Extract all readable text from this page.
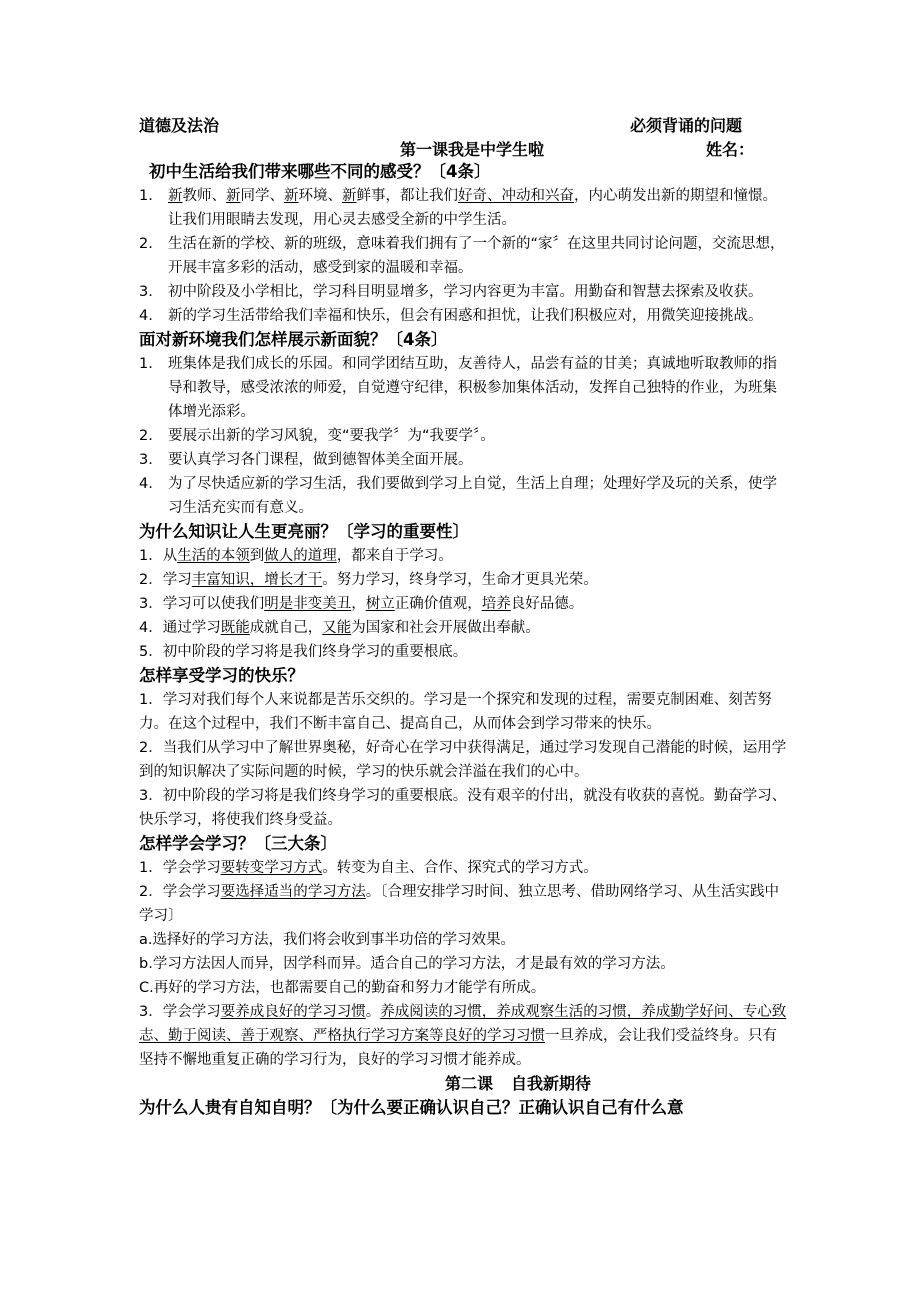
道德及法治	必须背诵的问题
第一课我是中学生啦	姓名：

初中生活给我们带来哪些不同的感受？〔4条〕

1. 新教师、新同学、新环境、新鲜事，都让我们好奇、冲动和兴奋，内心萌发出新的期望和憧憬。让我们用眼睛去发现，用心灵去感受全新的中学生活。
2. 生活在新的学校、新的班级，意味着我们拥有了一个新的“家〞在这里共同讨论问题，交流思想，开展丰富多彩的活动，感受到家的温暖和幸福。
3. 初中阶段及小学相比，学习科目明显增多，学习内容更为丰富。用勤奋和智慧去探索及收获。
4. 新的学习生活带给我们幸福和快乐，但会有困惑和担忧，让我们积极应对，用微笑迎接挑战。

面对新环境我们怎样展示新面貌？〔4条〕

1. 班集体是我们成长的乐园。和同学团结互助，友善待人，品尝有益的甘美；真诚地听取教师的指导和教导，感受浓浓的师爱，自觉遵守纪律，积极参加集体活动，发挥自己独特的作业，为班集体增光添彩。
2. 要展示出新的学习风貌，变“要我学〞为“我要学〞。
3. 要认真学习各门课程，做到德智体美全面开展。
4. 为了尽快适应新的学习生活，我们要做到学习上自觉，生活上自理；处理好学及玩的关系，使学习生活充实而有意义。

为什么知识让人生更亮丽？〔学习的重要性〕

1．从生活的本领到做人的道理，都来自于学习。

2．学习丰富知识，增长才干。努力学习，终身学习，生命才更具光荣。

3．学习可以使我们明是非变美丑，树立正确价值观，培养良好品德。

4．通过学习既能成就自己，又能为国家和社会开展做出奉献。

5．初中阶段的学习将是我们终身学习的重要根底。

怎样享受学习的快乐？

1．学习对我们每个人来说都是苦乐交织的。学习是一个探究和发现的过程，需要克制困难、刻苦努力。在这个过程中，我们不断丰富自己、提高自己，从而体会到学习带来的快乐。

2．当我们从学习中了解世界奥秘，好奇心在学习中获得满足，通过学习发现自己潜能的时候，运用学到的知识解决了实际问题的时候，学习的快乐就会洋溢在我们的心中。

3．初中阶段的学习将是我们终身学习的重要根底。没有艰辛的付出，就没有收获的喜悦。勤奋学习、快乐学习，将使我们终身受益。

怎样学会学习？〔三大条〕

1．学会学习要转变学习方式。转变为自主、合作、探究式的学习方式。

2．学会学习要选择适当的学习方法。〔合理安排学习时间、独立思考、借助网络学习、从生活实践中学习〕

a.选择好的学习方法，我们将会收到事半功倍的学习效果。

b.学习方法因人而异，因学科而异。适合自己的学习方法，才是最有效的学习方法。

C.再好的学习方法，也都需要自己的勤奋和努力才能学有所成。

3．学会学习要养成良好的学习习惯。养成阅读的习惯，养成观察生活的习惯，养成勤学好问、专心致志、勤于阅读、善于观察、严格执行学习方案等良好的学习习惯一旦养成，会让我们受益终身。只有坚持不懈地重复正确的学习行为，良好的学习习惯才能养成。

第二课 自我新期待

为什么人贵有自知自明？〔为什么要正确认识自己？正确认识自己有什么意
